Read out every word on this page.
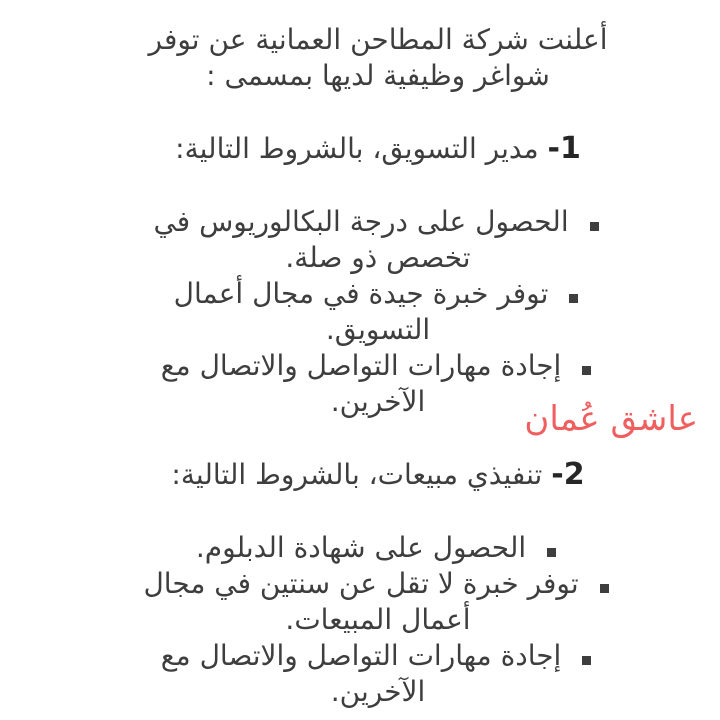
أعلنت شركة المطاحن العمانية عن توفر
شواغر وظيفية لديها بمسمى :
1- مدير التسويق، بالشروط التالية:
الحصول على درجة البكالوريوس في
تخصص ذو صلة.
توفر خبرة جيدة في مجال أعمال
التسويق.
إجادة مهارات التواصل والاتصال مع
الآخرين.
2- تنفيذي مبيعات، بالشروط التالية:
الحصول على شهادة الدبلوم.
توفر خبرة لا تقل عن سنتين في مجال
أعمال المبيعات.
إجادة مهارات التواصل والاتصال مع
الآخرين.
عاشق عُمان
